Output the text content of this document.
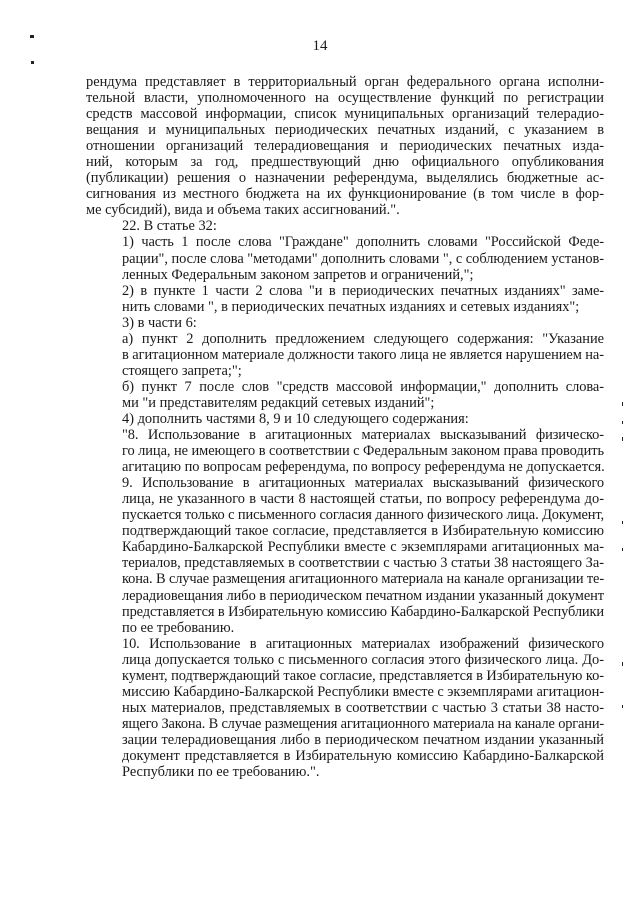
14

рендума представляет в территориальный орган федерального органа исполни-
тельной власти, уполномоченного на осуществление функций по регистрации
средств массовой информации, список муниципальных организаций телерадио-
вещания и муниципальных периодических печатных изданий, с указанием в
отношении организаций телерадиовещания и периодических печатных изда-
ний, которым за год, предшествующий дню официального опубликования
(публикации) решения о назначении референдума, выделялись бюджетные ас-
сигнования из местного бюджета на их функционирование (в том числе в фор-
ме субсидий), вида и объема таких ассигнований.".

22. В статье 32:

1) часть 1 после слова "Граждане" дополнить словами "Российской Феде-
рации", после слова "методами" дополнить словами ", с соблюдением установ-
ленных Федеральным законом запретов и ограничений,";

2) в пункте 1 части 2 слова "и в периодических печатных изданиях" заме-
нить словами ", в периодических печатных изданиях и сетевых изданиях";

3) в части 6:

а) пункт 2 дополнить предложением следующего содержания: "Указание
в агитационном материале должности такого лица не является нарушением на-
стоящего запрета;";

б) пункт 7 после слов "средств массовой информации," дополнить слова-
ми "и представителям редакций сетевых изданий";

4) дополнить частями 8, 9 и 10 следующего содержания:

"8. Использование в агитационных материалах высказываний физическо-
го лица, не имеющего в соответствии с Федеральным законом права проводить
агитацию по вопросам референдума, по вопросу референдума не допускается.

9. Использование в агитационных материалах высказываний физического
лица, не указанного в части 8 настоящей статьи, по вопросу референдума до-
пускается только с письменного согласия данного физического лица. Документ,
подтверждающий такое согласие, представляется в Избирательную комиссию
Кабардино-Балкарской Республики вместе с экземплярами агитационных ма-
териалов, представляемых в соответствии с частью 3 статьи 38 настоящего За-
кона. В случае размещения агитационного материала на канале организации те-
лерадиовещания либо в периодическом печатном издании указанный документ
представляется в Избирательную комиссию Кабардино-Балкарской Республики
по ее требованию.

10. Использование в агитационных материалах изображений физического
лица допускается только с письменного согласия этого физического лица. До-
кумент, подтверждающий такое согласие, представляется в Избирательную ко-
миссию Кабардино-Балкарской Республики вместе с экземплярами агитацион-
ных материалов, представляемых в соответствии с частью 3 статьи 38 насто-
ящего Закона. В случае размещения агитационного материала на канале органи-
зации телерадиовещания либо в периодическом печатном издании указанный
документ представляется в Избирательную комиссию Кабардино-Балкарской
Республики по ее требованию.".
